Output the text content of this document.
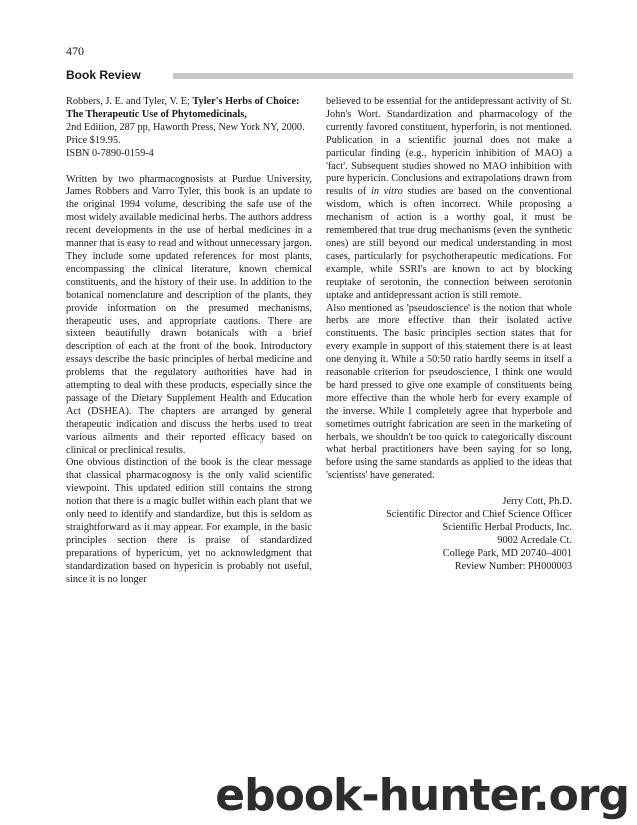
470
Book Review

Robbers, J. E. and Tyler, V. E; Tyler's Herbs of Choice: The Therapeutic Use of Phytomedicinals,
2nd Edition, 287 pp, Haworth Press, New York NY, 2000. Price $19.95.
ISBN 0-7890-0159-4

Written by two pharmacognosists at Purdue University, James Robbers and Varro Tyler, this book is an update to the original 1994 volume, describing the safe use of the most widely available medicinal herbs. The authors address recent developments in the use of herbal medicines in a manner that is easy to read and without unnecessary jargon. They include some updated references for most plants, encompassing the clinical literature, known chemical constituents, and the history of their use. In addition to the botanical nomenclature and description of the plants, they provide information on the presumed mechanisms, therapeutic uses, and appropriate cautions. There are sixteen beautifully drawn botanicals with a brief description of each at the front of the book. Introductory essays describe the basic principles of herbal medicine and problems that the regulatory authorities have had in attempting to deal with these products, especially since the passage of the Dietary Supplement Health and Education Act (DSHEA). The chapters are arranged by general therapeutic indication and discuss the herbs used to treat various ailments and their reported efficacy based on clinical or preclinical results.

One obvious distinction of the book is the clear message that classical pharmacognosy is the only valid scientific viewpoint. This updated edition still contains the strong notion that there is a magic bullet within each plant that we only need to identify and standardize, but this is seldom as straightforward as it may appear. For example, in the basic principles section there is praise of standardized preparations of hypericum, yet no acknowledgment that standardization based on hypericin is probably not useful, since it is no longer

believed to be essential for the antidepressant activity of St. John's Wort. Standardization and pharmacology of the currently favored constituent, hyperforin, is not mentioned. Publication in a scientific journal does not make a particular finding (e.g., hypericin inhibition of MAO) a 'fact'. Subsequent studies showed no MAO inhibition with pure hypericin. Conclusions and extrapolations drawn from results of in vitro studies are based on the conventional wisdom, which is often incorrect. While proposing a mechanism of action is a worthy goal, it must be remembered that true drug mechanisms (even the synthetic ones) are still beyond our medical understanding in most cases, particularly for psychotherapeutic medications. For example, while SSRI's are known to act by blocking reuptake of serotonin, the connection between serotonin uptake and antidepressant action is still remote.

Also mentioned as 'pseudoscience' is the notion that whole herbs are more effective than their isolated active constituents. The basic principles section states that for every example in support of this statement there is at least one denying it. While a 50:50 ratio hardly seems in itself a reasonable criterion for pseudoscience, I think one would be hard pressed to give one example of constituents being more effective than the whole herb for every example of the inverse. While I completely agree that hyperbole and sometimes outright fabrication are seen in the marketing of herbals, we shouldn't be too quick to categorically discount what herbal practitioners have been saying for so long, before using the same standards as applied to the ideas that 'scientists' have generated.

Jerry Cott, Ph.D.
Scientific Director and Chief Science Officer
Scientific Herbal Products, Inc.
9002 Acredale Ct.
College Park, MD 20740–4001
Review Number: PH000003
ebook-hunter.org
